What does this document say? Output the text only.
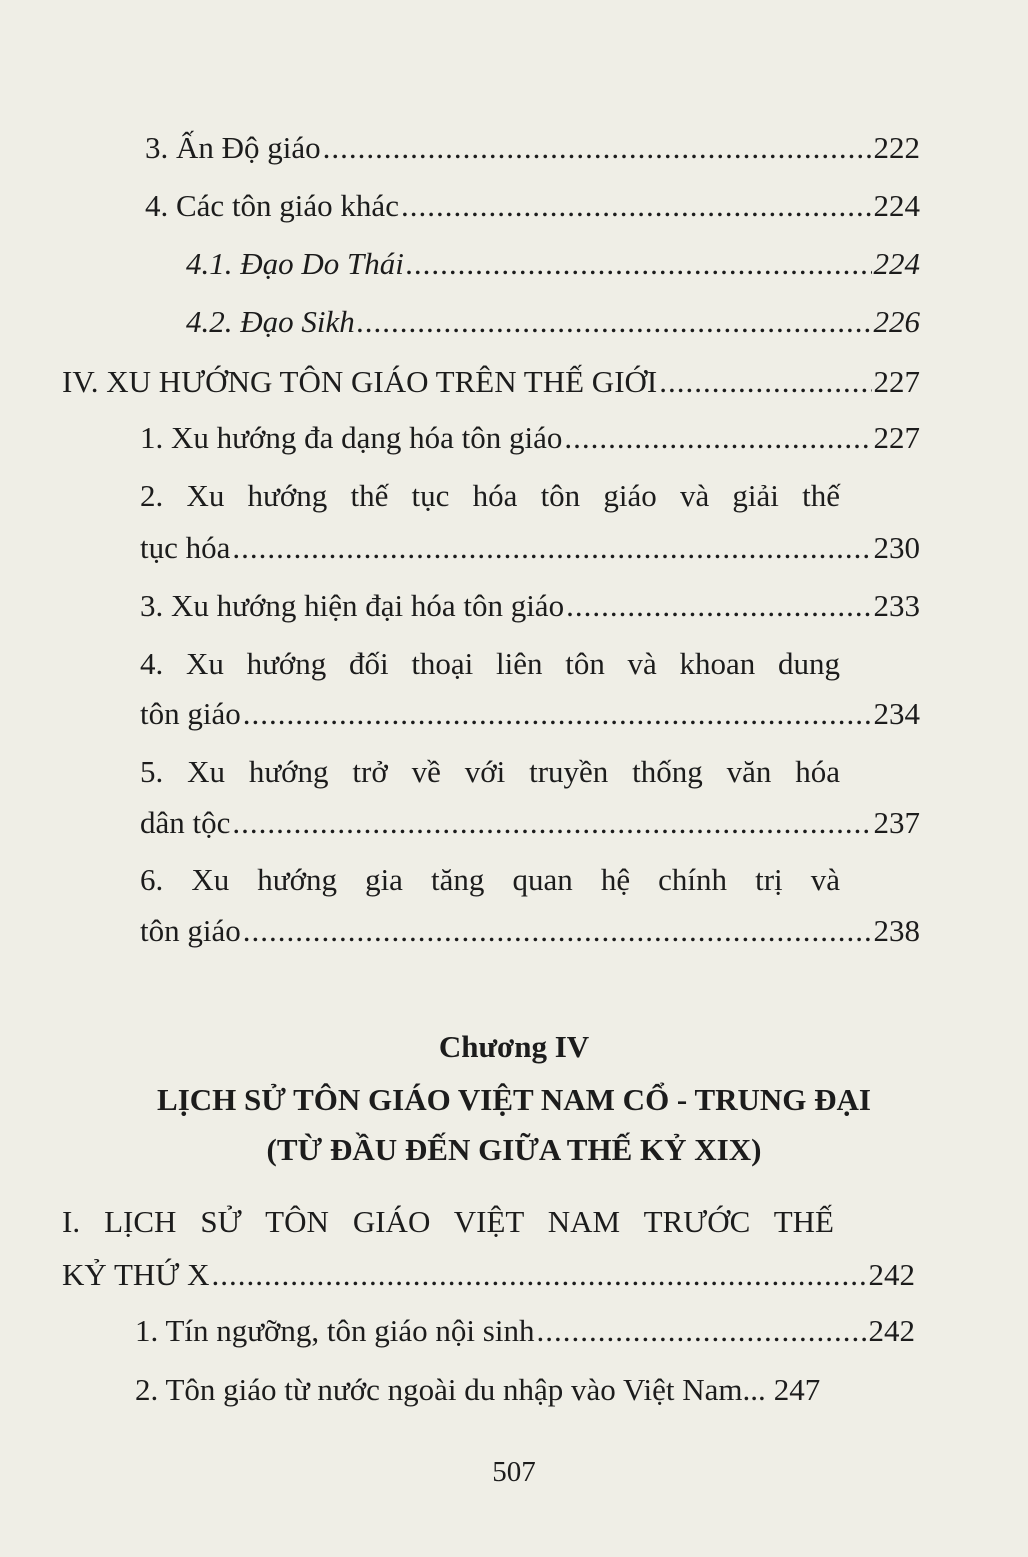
3. Ấn Độ giáo .....	222
4. Các tôn giáo khác .....	224
4.1. Đạo Do Thái .....	224
4.2. Đạo Sikh .....	226
IV. XU HƯỚNG TÔN GIÁO TRÊN THẾ GIỚI .....	227
1. Xu hướng đa dạng hóa tôn giáo .....	227
2. Xu hướng thế tục hóa tôn giáo và giải thế
tục hóa .....	230
3. Xu hướng hiện đại hóa tôn giáo .....	233
4. Xu hướng đối thoại liên tôn và khoan dung
tôn giáo .....	234
5. Xu hướng trở về với truyền thống văn hóa
dân tộc .....	237
6. Xu hướng gia tăng quan hệ chính trị và
tôn giáo .....	238
Chương IV
LỊCH SỬ TÔN GIÁO VIỆT NAM CỔ - TRUNG ĐẠI
(TỪ ĐẦU ĐẾN GIỮA THẾ KỶ XIX)
I. LỊCH SỬ TÔN GIÁO VIỆT NAM TRƯỚC THẾ
KỶ THỨ X .....	242
1. Tín ngưỡng, tôn giáo nội sinh .....	242
2. Tôn giáo từ nước ngoài du nhập vào Việt Nam... 247
507
